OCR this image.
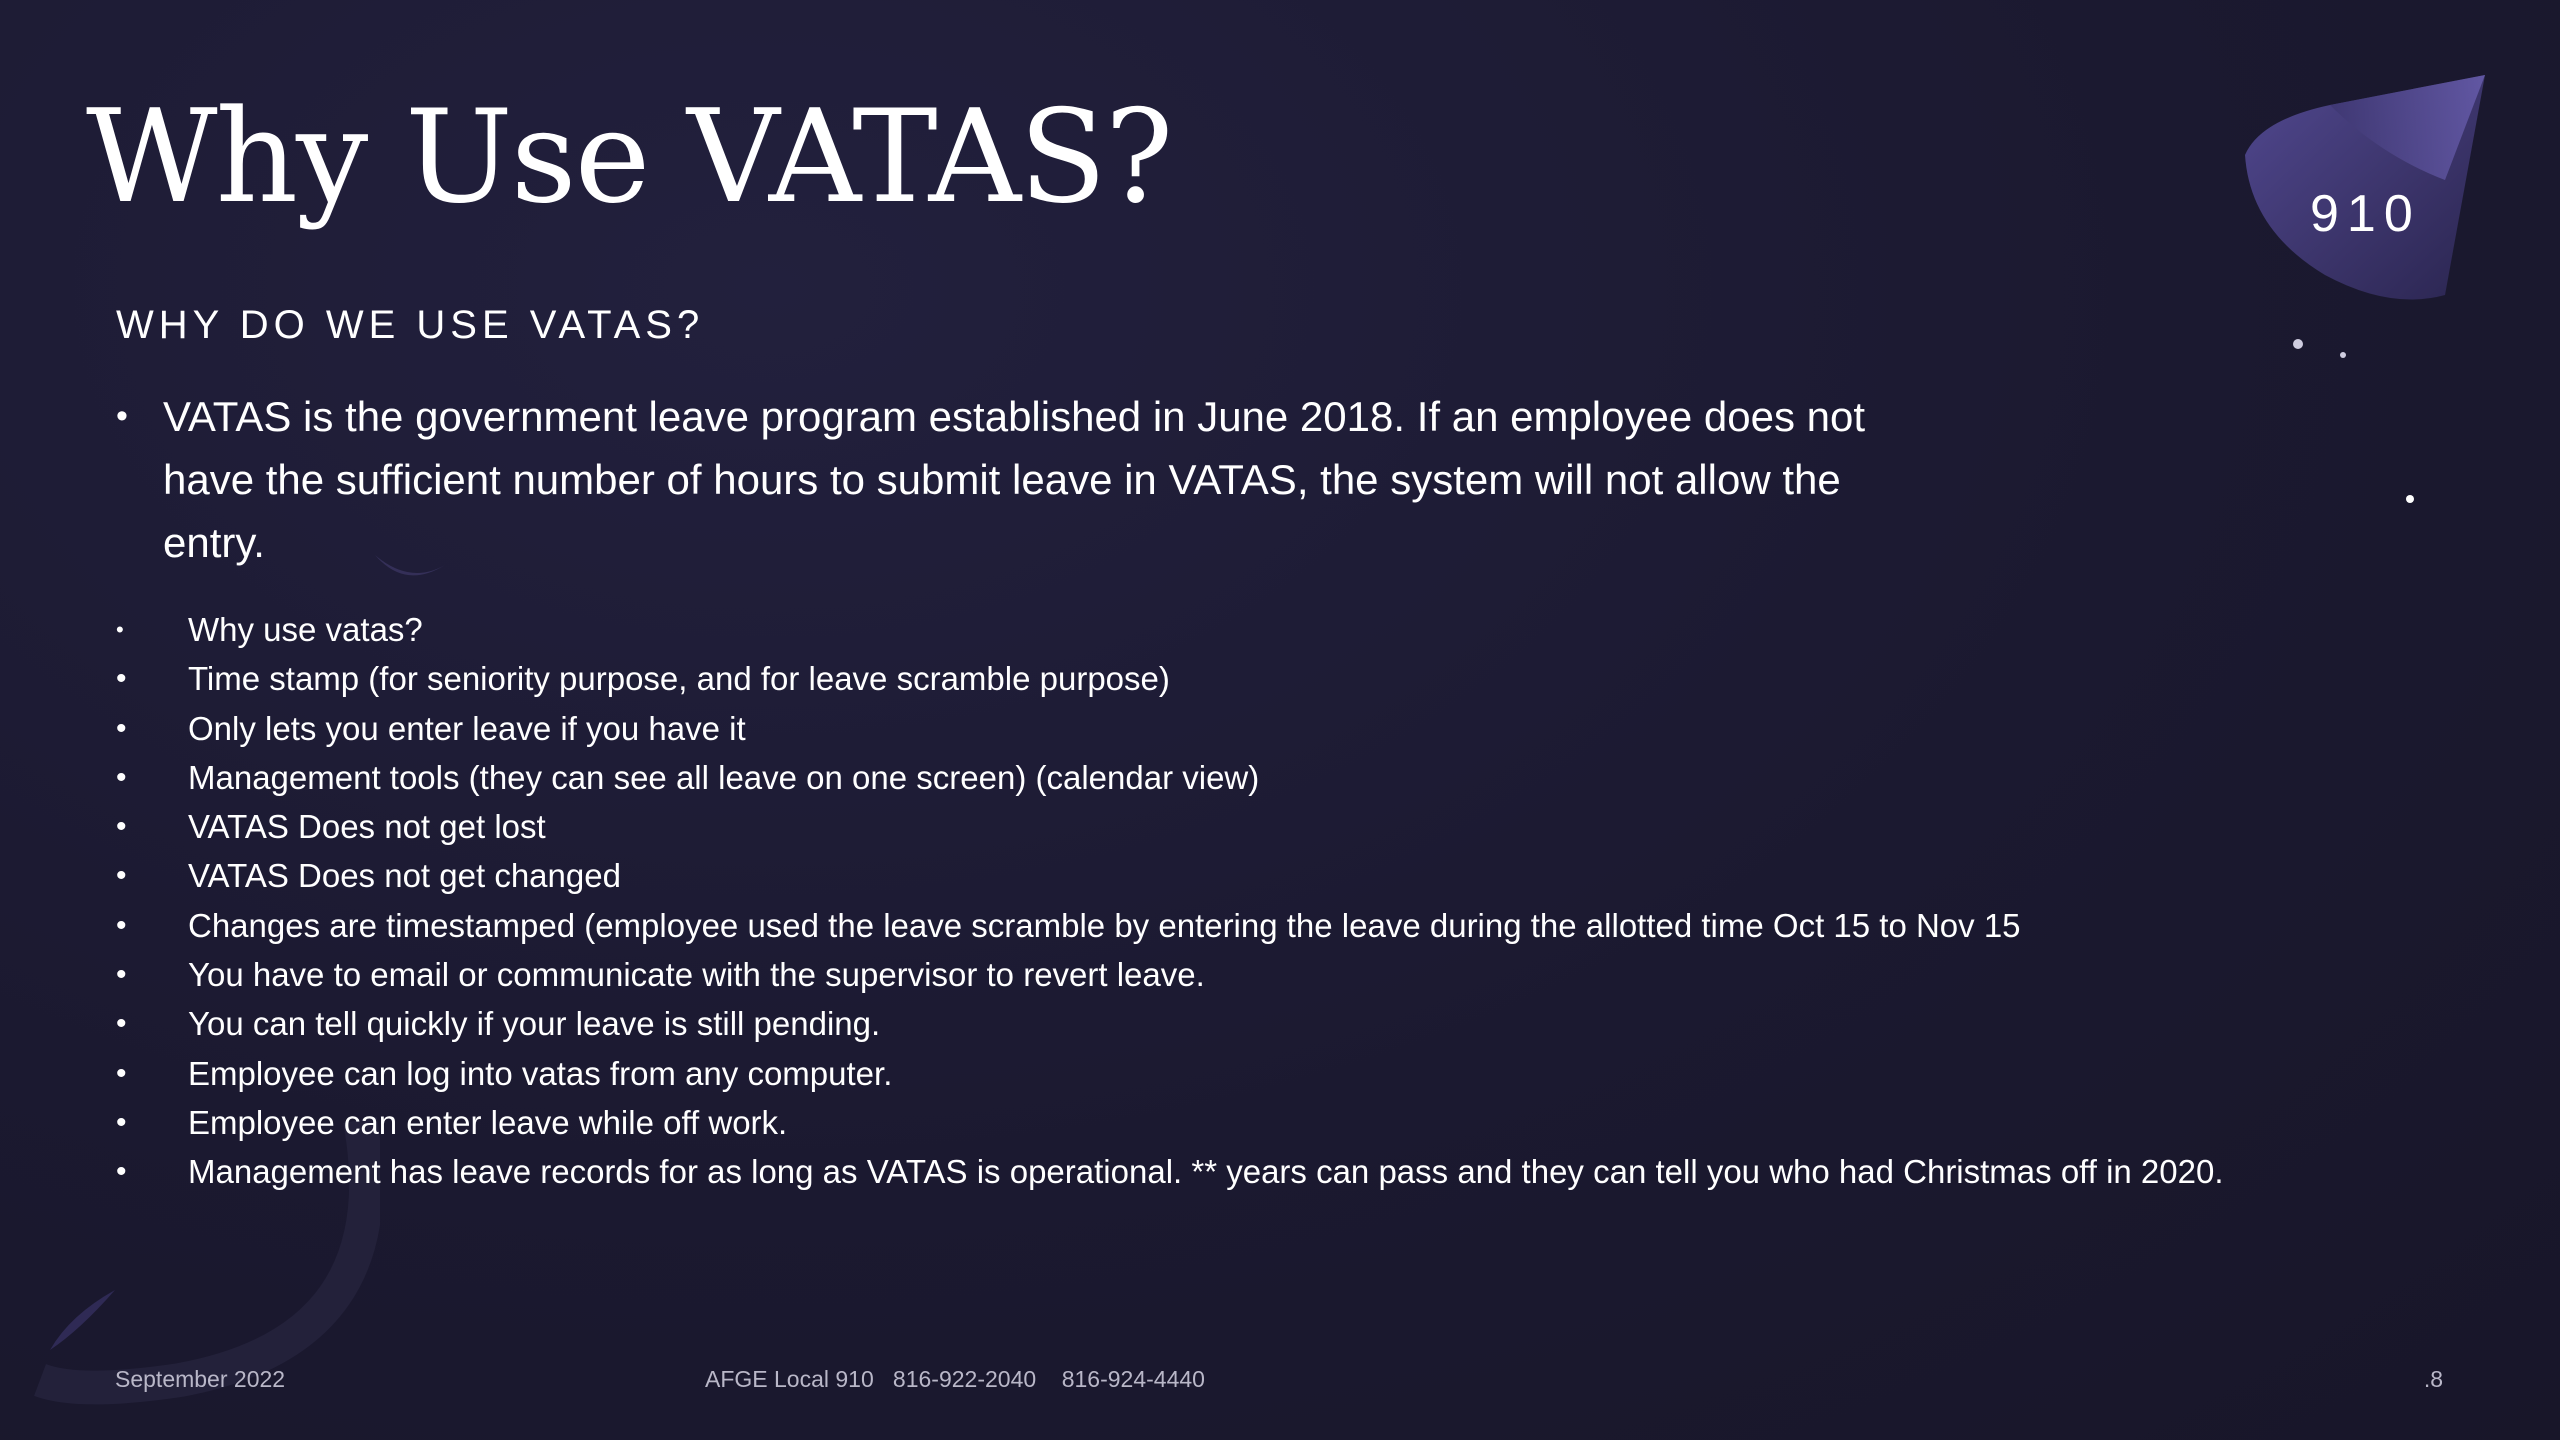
910
Why Use VATAS?
WHY DO WE USE VATAS?
• VATAS is the government leave program established in June 2018. If an employee does not have the sufficient number of hours to submit leave in VATAS, the system will not allow the entry.
• Why use vatas?
• Time stamp (for seniority purpose, and for leave scramble purpose)
• Only lets you enter leave if you have it
• Management tools (they can see all leave on one screen) (calendar view)
• VATAS Does not get lost
• VATAS Does not get changed
• Changes are timestamped (employee used the leave scramble by entering the leave during the allotted time Oct 15 to Nov 15
• You have to email or communicate with the supervisor to revert leave.
• You can tell quickly if your leave is still pending.
• Employee can log into vatas from any computer.
• Employee can enter leave while off work.
• Management has leave records for as long as VATAS is operational. ** years can pass and they can tell you who had Christmas off in 2020.
September 2022	AFGE Local 910   816-922-2040    816-924-4440	.8
